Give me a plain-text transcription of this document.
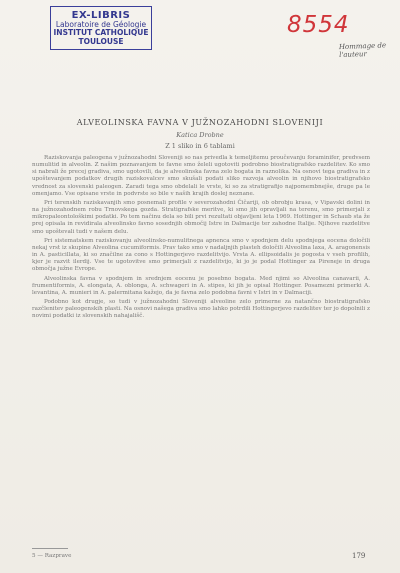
EX-LIBRIS
Laboratoire de Géologie
INSTITUT CATHOLIQUE
TOULOUSE
8554
Hommage de l'auteur
ALVEOLINSKA FAVNA V JUŽNOZAHODNI SLOVENIJI
Katica Drobne
Z 1 sliko in 6 tablami

Raziskovanja paleogena v južnozahodni Sloveniji so nas privedla k temeljitemu proučevanju foraminifer, predvsem numulitid in alveolin. Z našim poznavanjem te favne smo želeli ugotoviti podrobno biostratigrafsko razdelitev. Ko smo si nabrali že precej gradiva, smo ugotovili, da je alveolinska favna zelo bogata in raznolika. Na osnovi tega gradiva in z upoštevanjem podatkov drugih raziskovalcev smo skušali podati sliko razvoja alveolin in njihovo biostratigrafsko vrednost za slovenski paleogen. Zaradi tega smo obdelali le vrste, ki so za stratigrafijo najpomembnejše, druge pa le omenjamo. Vse opisane vrste in podvrste so bile v naših krajih doslej neznane.

Pri terenskih raziskavanjih smo posnemali profile v severozahodni Čičariji, ob obrobju krasa, v Vipavski dolini in na južnozahodnem robu Trnovskega gozda. Stratigrafske meritve, ki smo jih opravljali na terenu, smo primerjali z mikropaleontološkimi podatki. Po tem načinu dela so bili prvi rezultati objavljeni leta 1969. Hottinger in Schaub sta že prej opisala in revidirala alveolinsko favno sosednjih območij Istre in Dalmacije ter zahodne Italije. Njihove razdelitve smo upoštevali tudi v našem delu.

Pri sistematskem raziskovanju alveolinsko-numulitnega apnenca smo v spodnjem delu spodnjega eocena določili nekaj vrst iz skupine Alveolina cucumiformis. Prav tako smo v nadaljnjih plasteh določili Alveolina laxa, A. aragonensis in A. pasticillata, ki so značilne za cono s Hottingerjevo razdelitvijo. Vrsta A. ellipsoidalis je pogosta v vseh profilih, kjer je razvit ilerdij. Vse te ugotovitve smo primerjali z razdelitvijo, ki jo je podal Hottinger za Pireneje in druga območja južne Evrope.

Alveolinska favna v spodnjem in srednjem eocenu je posebno bogata. Med njimi so Alveolina canavarii, A. frumentiformis, A. elongata, A. oblonga, A. schwageri in A. stipes, ki jih je opisal Hottinger. Posamezni primerki A. levantina, A. munieri in A. palermitana kažejo, da je favna zelo podobna favni v Istri in v Dalmaciji.

Podobno kot drugje, so tudi v južnozahodni Sloveniji alveoline zelo primerne za natančno biostratigrafsko razčlenitev paleogenskih plasti. Na osnovi našega gradiva smo lahko potrdili Hottingerjevo razdelitev ter jo dopolnili z novimi podatki iz slovenskih nahajališč.

5 — Razprave	179
